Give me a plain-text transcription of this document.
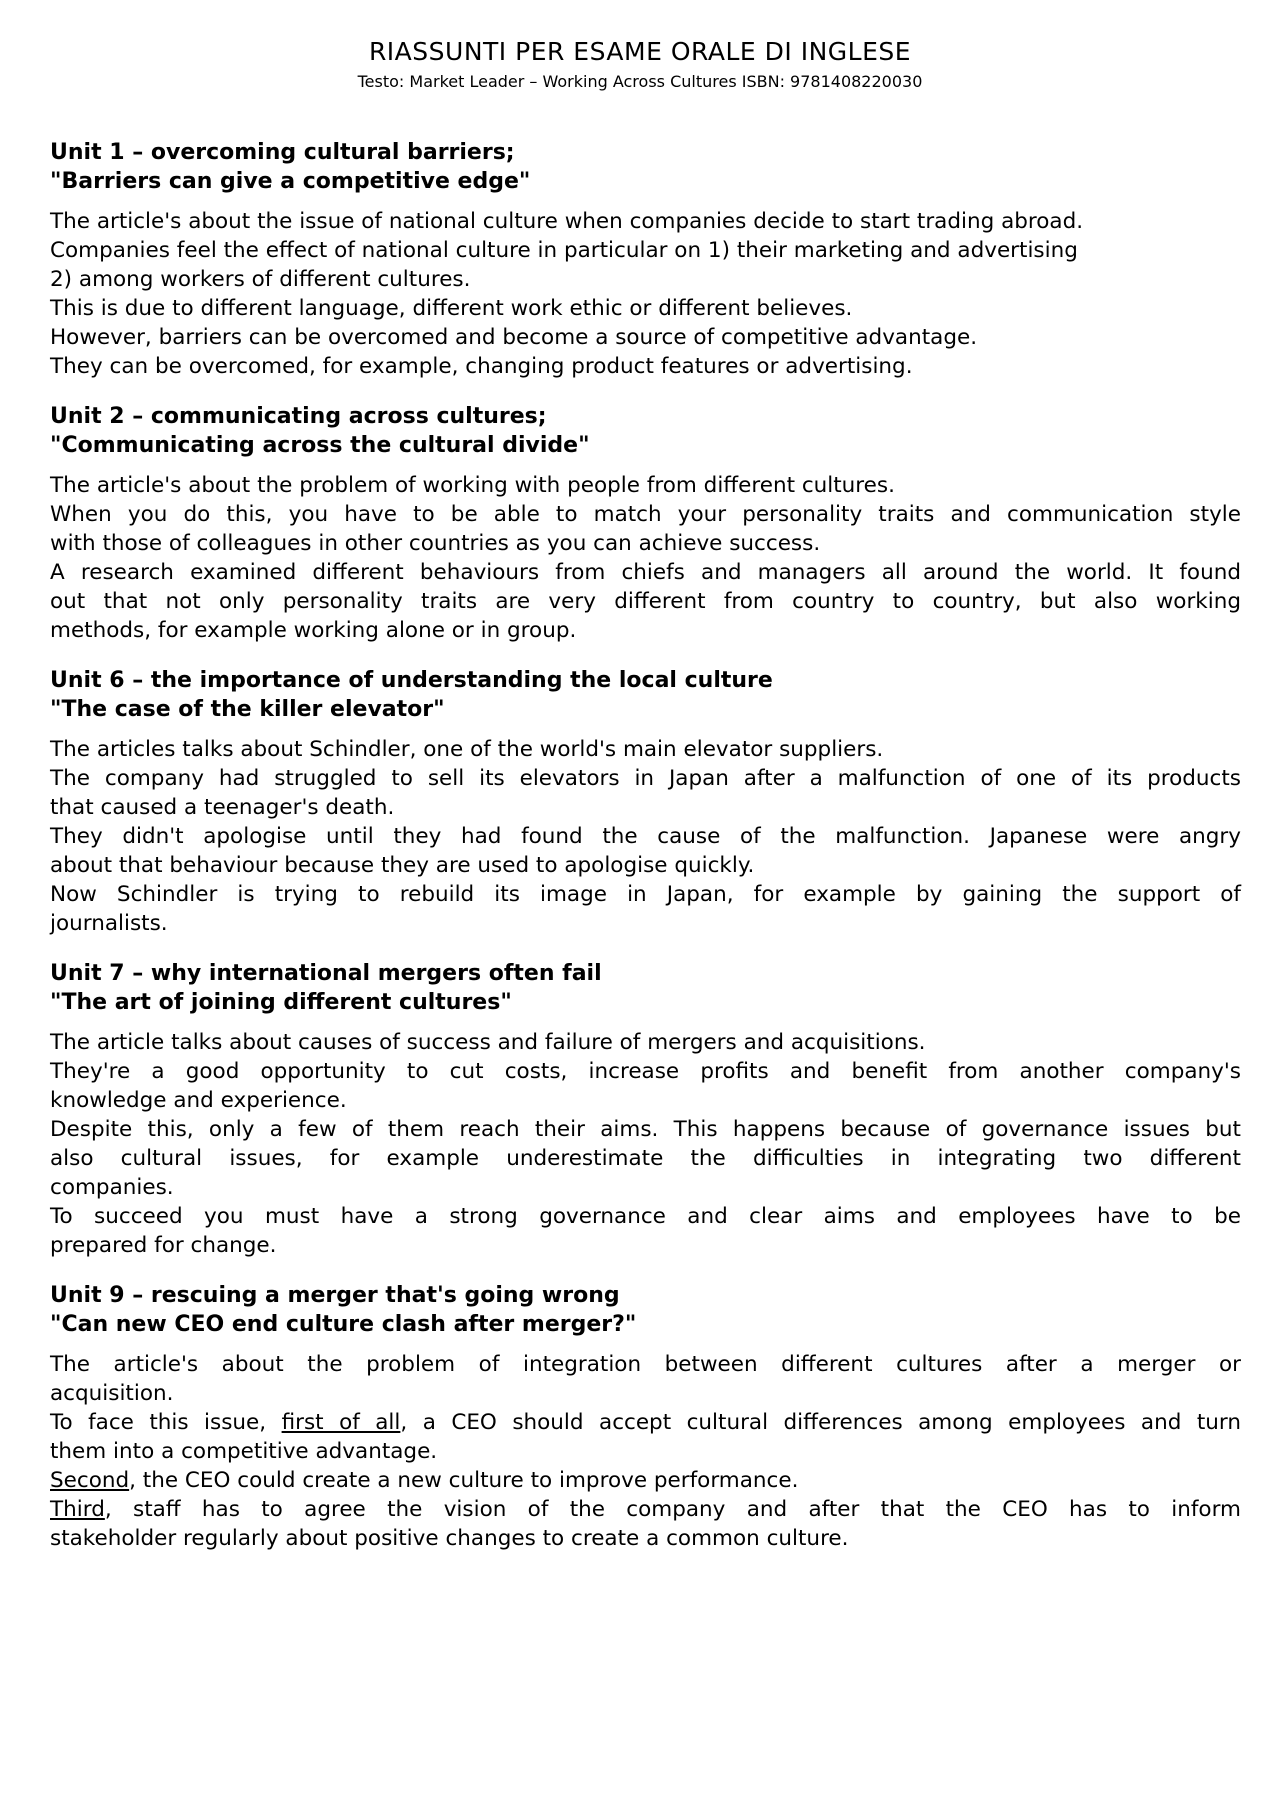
RIASSUNTI PER ESAME ORALE DI INGLESE
Testo: Market Leader – Working Across Cultures ISBN: 9781408220030

Unit 1 – overcoming cultural barriers;

"Barriers can give a competitive edge"

The article's about the issue of national culture when companies decide to start trading abroad.
Companies feel the effect of national culture in particular on 1) their marketing and advertising
2) among workers of different cultures.
This is due to different language, different work ethic or different believes.
However, barriers can be overcomed and become a source of competitive advantage.
They can be overcomed, for example, changing product features or advertising.

Unit 2 – communicating across cultures;

"Communicating across the cultural divide"

The article's about the problem of working with people from different cultures.
When you do this, you have to be able to match your personality traits and communication style
with those of colleagues in other countries as you can achieve success.
A research examined different behaviours from chiefs and managers all around the world. It found
out that not only personality traits are very different from country to country, but also working
methods, for example working alone or in group.

Unit 6 – the importance of understanding the local culture

"The case of the killer elevator"

The articles talks about Schindler, one of the world's main elevator suppliers.
The company had struggled to sell its elevators in Japan after a malfunction of one of its products
that caused a teenager's death.
They didn't apologise until they had found the cause of the malfunction. Japanese were angry
about that behaviour because they are used to apologise quickly.
Now Schindler is trying to rebuild its image in Japan, for example by gaining the support of
journalists.

Unit 7 – why international mergers often fail

"The art of joining different cultures"

The article talks about causes of success and failure of mergers and acquisitions.
They're a good opportunity to cut costs, increase profits and benefit from another company's
knowledge and experience.
Despite this, only a few of them reach their aims. This happens because of governance issues but
also cultural issues, for example underestimate the difficulties in integrating two different
companies.
To succeed you must have a strong governance and clear aims and employees have to be
prepared for change.

Unit 9 – rescuing a merger that's going wrong

"Can new CEO end culture clash after merger?"

The article's about the problem of integration between different cultures after a merger or
acquisition.
To face this issue, first of all, a CEO should accept cultural differences among employees and turn
them into a competitive advantage.
Second, the CEO could create a new culture to improve performance.
Third, staff has to agree the vision of the company and after that the CEO has to inform
stakeholder regularly about positive changes to create a common culture.
